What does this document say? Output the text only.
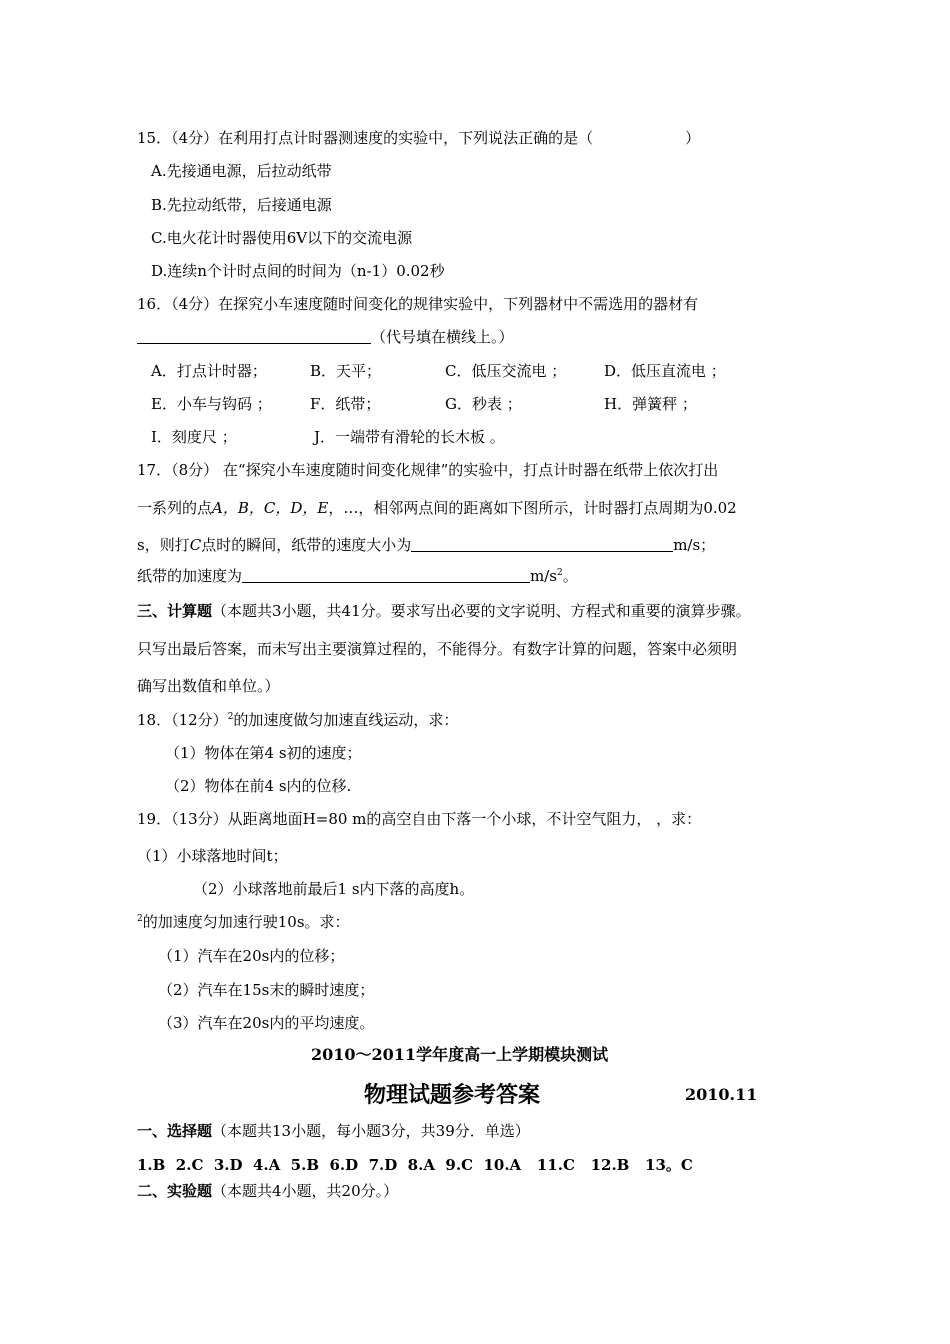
15．（4分）在利用打点计时器测速度的实验中，下列说法正确的是（	）
A.先接通电源，后拉动纸带
B.先拉动纸带，后接通电源
C.电火花计时器使用6V以下的交流电源
D.连续n个计时点间的时间为（n-1）0.02秒
16．（4分）在探究小车速度随时间变化的规律实验中，下列器材中不需选用的器材有
（代号填在横线上。）
A．打点计时器；	B．天平；	C．低压交流电 ；	D．低压直流电 ；
E．小车与钩码 ；	F．纸带；	G．秒表 ；	H．弹簧秤 ；
I．刻度尺 ；	J．一端带有滑轮的长木板 。
17．（8分） 在“探究小车速度随时间变化规律”的实验中，打点计时器在纸带上依次打出
一系列的点A，B，C，D，E，…，相邻两点间的距离如下图所示，计时器打点周期为0.02
s，则打C点时的瞬间，纸带的速度大小为	m/s；
纸带的加速度为	$m/s^2$。
三、计算题（本题共3小题，共41分。要求写出必要的文字说明、方程式和重要的演算步骤。
只写出最后答案，而未写出主要演算过程的，不能得分。有数字计算的问题，答案中必须明
确写出数值和单位。）
18．（12分）$^2$的加速度做匀加速直线运动，求：
（1）物体在第4 s初的速度；
（2）物体在前4 s内的位移.
19．（13分）从距离地面H=80 m的高空自由下落一个小球，不计空气阻力， ，求：
（1）小球落地时间t；
（2）小球落地前最后1 s内下落的高度h。
$^2$的加速度匀加速行驶10s。求：
（1）汽车在20s内的位移；
（2）汽车在15s末的瞬时速度；
（3）汽车在20s内的平均速度。
2010～2011学年度高一上学期模块测试
物理试题参考答案	2010.11
一、选择题（本题共13小题，每小题3分，共39分．单选）
1.B  2.C  3.D  4.A  5.B  6.D  7.D  8.A  9.C  10.A   11.C   12.B   13。C
二、实验题（本题共4小题，共20分。）
